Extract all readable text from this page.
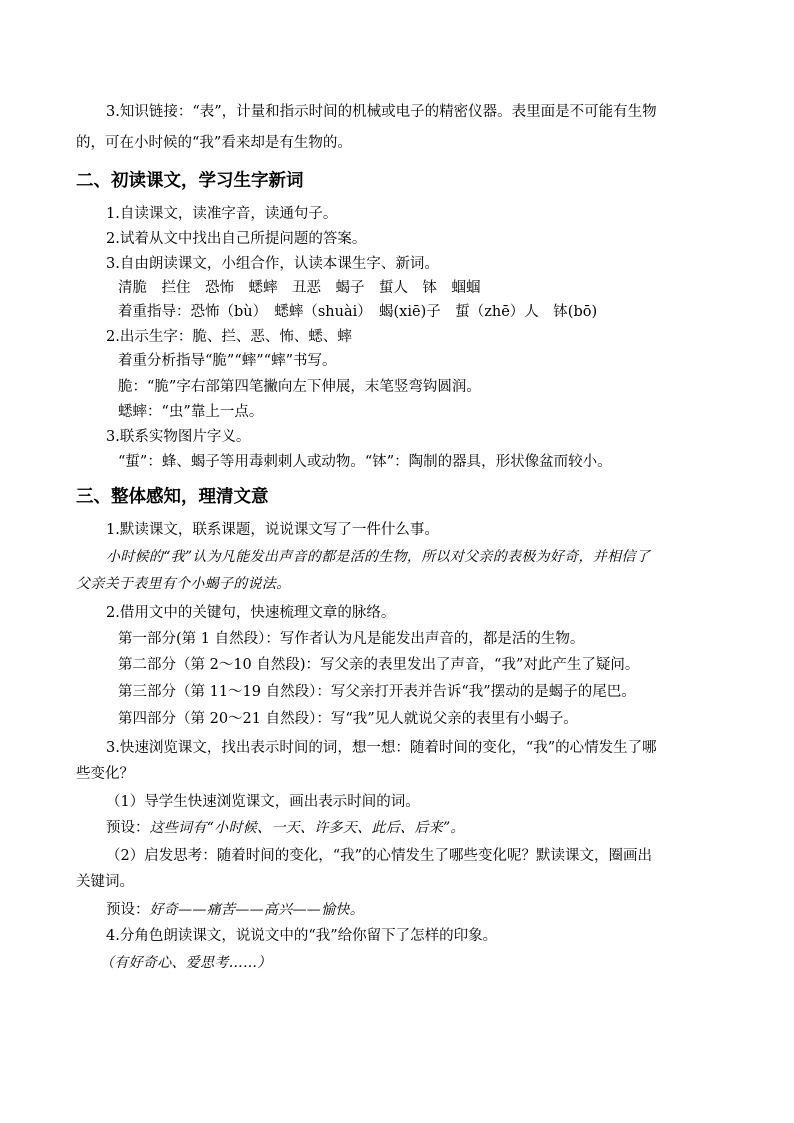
3.知识链接：“表”，计量和指示时间的机械或电子的精密仪器。表里面是不可能有生物
的，可在小时候的“我”看来却是有生物的。
二、初读课文，学习生字新词
1.自读课文，读准字音，读通句子。
2.试着从文中找出自己所提问题的答案。
3.自由朗读课文，小组合作，认读本课生字、新词。
清脆　拦住　恐怖　蟋蟀　丑恶　蝎子　蜇人　钵　蝈蝈
着重指导：恐怖（bù）　蟋蟀（shuài）　蝎(xiē)子　蜇（zhē）人　钵(bō)
2.出示生字：脆、拦、恶、怖、蟋、蟀
着重分析指导“脆”“蟀”“蟀”书写。
脆：“脆”字右部第四笔撇向左下伸展，末笔竖弯钩圆润。
蟋蟀：“虫”靠上一点。
3.联系实物图片字义。
“蜇”：蜂、蝎子等用毒刺刺人或动物。“钵”：陶制的器具，形状像盆而较小。
三、整体感知，理清文意
1.默读课文，联系课题，说说课文写了一件什么事。
小时候的“我”认为凡能发出声音的都是活的生物，所以对父亲的表极为好奇，并相信了
父亲关于表里有个小蝎子的说法。
2.借用文中的关键句，快速梳理文章的脉络。
第一部分(第 1 自然段）：写作者认为凡是能发出声音的，都是活的生物。
第二部分（第 2～10 自然段)：写父亲的表里发出了声音，“我”对此产生了疑问。
第三部分（第 11～19 自然段）：写父亲打开表并告诉“我”摆动的是蝎子的尾巴。
第四部分（第 20～21 自然段）：写“我”见人就说父亲的表里有小蝎子。
3.快速浏览课文，找出表示时间的词，想一想：随着时间的变化，“我”的心情发生了哪
些变化？
（1）导学生快速浏览课文，画出表示时间的词。
预设：这些词有“小时候、一天、许多天、此后、后来”。
（2）启发思考：随着时间的变化，“我”的心情发生了哪些变化呢？默读课文，圈画出
关键词。
预设：好奇——痛苦——高兴——愉快。
4.分角色朗读课文，说说文中的“我”给你留下了怎样的印象。
（有好奇心、爱思考……）
